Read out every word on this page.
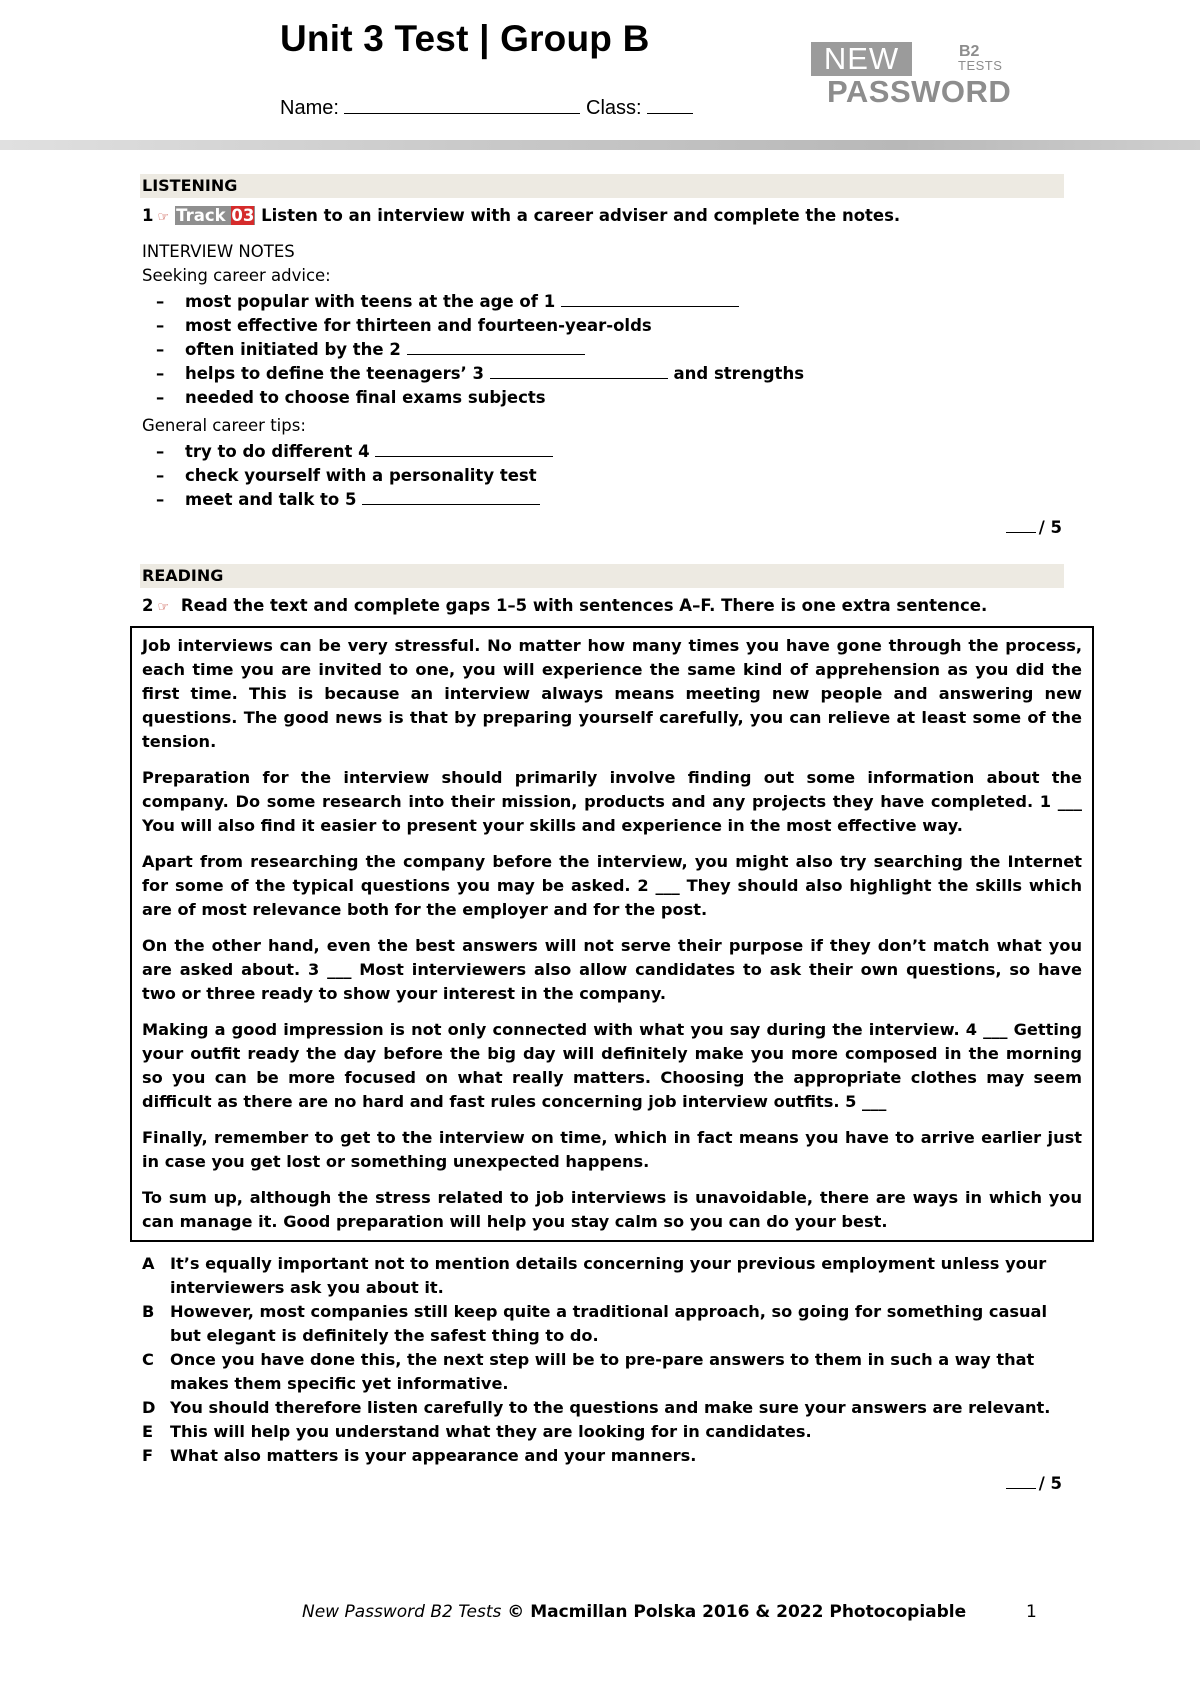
Unit 3 Test | Group B
Name:	Class:
NEW	B2
TESTS
PASSWORD
LISTENING
1 ☞ Track 03 Listen to an interview with a career adviser and complete the notes.
INTERVIEW NOTES
Seeking career advice:
– most popular with teens at the age of 1
– most effective for thirteen and fourteen-year-olds
– often initiated by the 2
– helps to define the teenagers’ 3	and strengths
– needed to choose final exams subjects
General career tips:
– try to do different 4
– check yourself with a personality test
– meet and talk to 5
/ 5
READING
2 ☞ Read the text and complete gaps 1–5 with sentences A–F. There is one extra sentence.

Job interviews can be very stressful. No matter how many times you have gone through the process, each time you are invited to one, you will experience the same kind of apprehension as you did the first time. This is because an interview always means meeting new people and answering new questions. The good news is that by preparing yourself carefully, you can relieve at least some of the tension.

Preparation for the interview should primarily involve finding out some information about the company. Do some research into their mission, products and any projects they have completed. 1 ___ You will also find it easier to present your skills and experience in the most effective way.

Apart from researching the company before the interview, you might also try searching the Internet for some of the typical questions you may be asked. 2 ___ They should also highlight the skills which are of most relevance both for the employer and for the post.

On the other hand, even the best answers will not serve their purpose if they don’t match what you are asked about. 3 ___ Most interviewers also allow candidates to ask their own questions, so have two or three ready to show your interest in the company.

Making a good impression is not only connected with what you say during the interview. 4 ___ Getting your outfit ready the day before the big day will definitely make you more composed in the morning so you can be more focused on what really matters. Choosing the appropriate clothes may seem difficult as there are no hard and fast rules concerning job interview outfits. 5 ___

Finally, remember to get to the interview on time, which in fact means you have to arrive earlier just in case you get lost or something unexpected happens.

To sum up, although the stress related to job interviews is unavoidable, there are ways in which you can manage it. Good preparation will help you stay calm so you can do your best.

A It’s equally important not to mention details concerning your previous employment unless your interviewers ask you about it.
B However, most companies still keep quite a traditional approach, so going for something casual but elegant is definitely the safest thing to do.
C Once you have done this, the next step will be to pre-pare answers to them in such a way that makes them specific yet informative.
D You should therefore listen carefully to the questions and make sure your answers are relevant.
E	This will help you understand what they are looking for in candidates.
F	What also matters is your appearance and your manners.
/ 5
New Password B2 Tests © Macmillan Polska 2016 & 2022 Photocopiable	1
